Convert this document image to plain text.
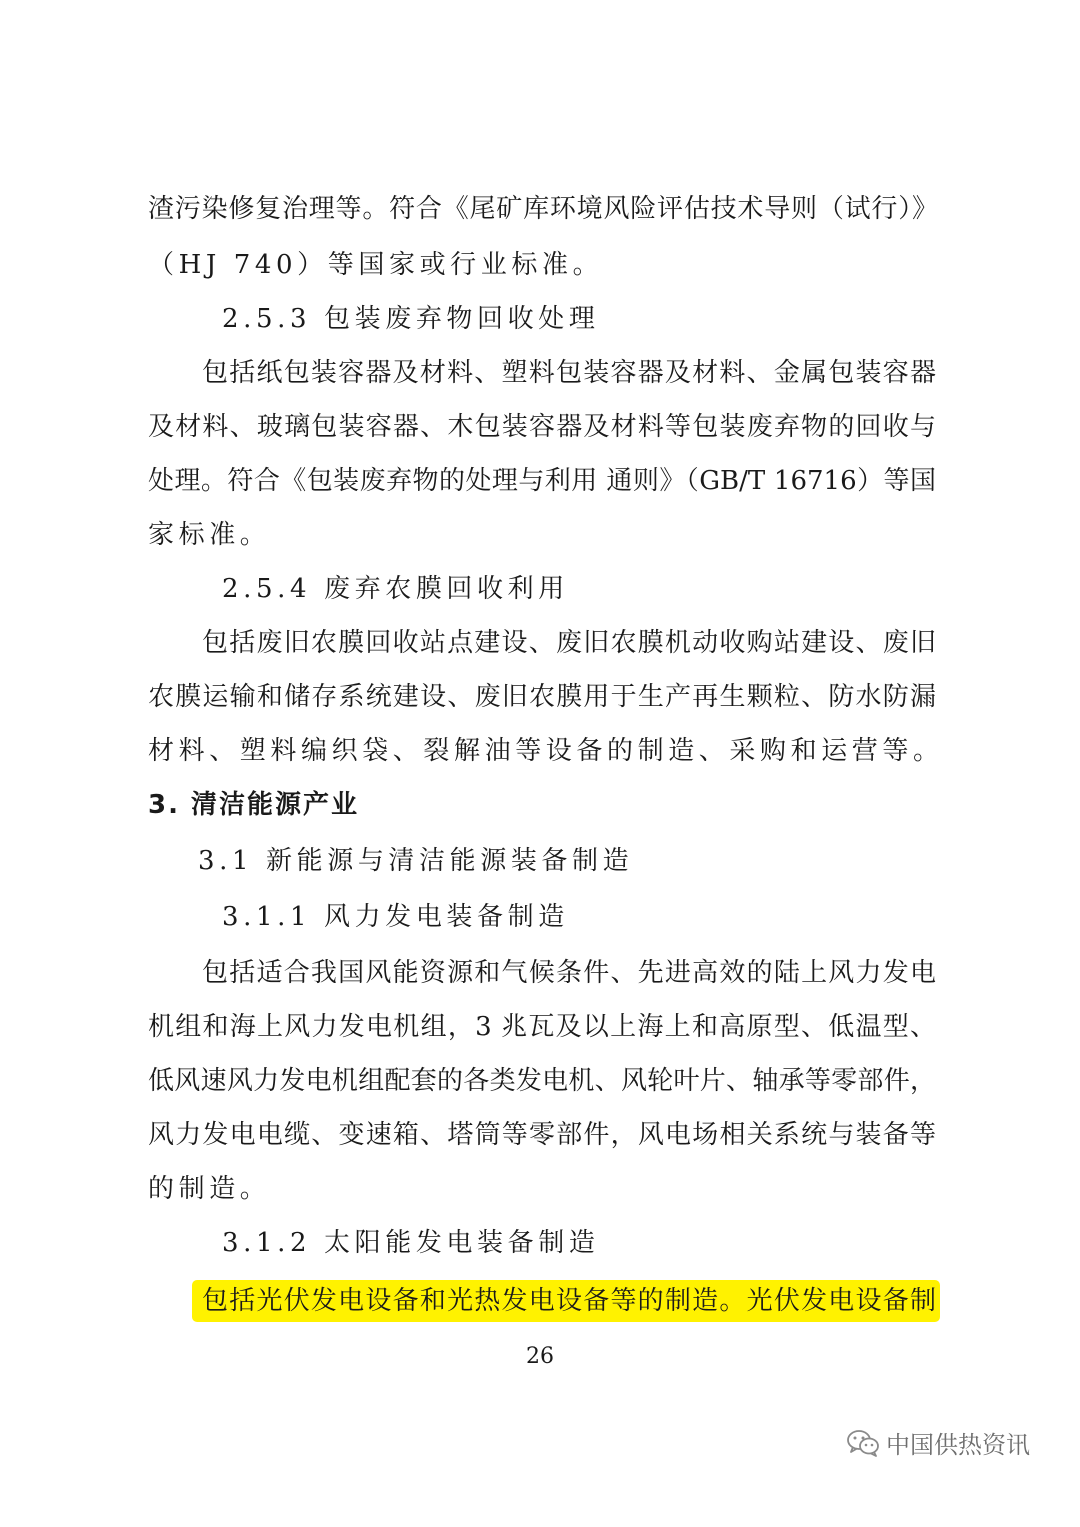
渣污染修复治理等。符合《尾矿库环境风险评估技术导则（试行）》
（HJ 740）等国家或行业标准。
2.5.3 包装废弃物回收处理
包括纸包装容器及材料、塑料包装容器及材料、金属包装容器
及材料、玻璃包装容器、木包装容器及材料等包装废弃物的回收与
处理。符合《包装废弃物的处理与利用 通则》（GB/T 16716）等国
家标准。
2.5.4 废弃农膜回收利用
包括废旧农膜回收站点建设、废旧农膜机动收购站建设、废旧
农膜运输和储存系统建设、废旧农膜用于生产再生颗粒、防水防漏
材料、塑料编织袋、裂解油等设备的制造、采购和运营等。
3. 清洁能源产业
3.1 新能源与清洁能源装备制造
3.1.1 风力发电装备制造
包括适合我国风能资源和气候条件、先进高效的陆上风力发电
机组和海上风力发电机组，3 兆瓦及以上海上和高原型、低温型、
低风速风力发电机组配套的各类发电机、风轮叶片、轴承等零部件，
风力发电电缆、变速箱、塔筒等零部件，风电场相关系统与装备等
的制造。
3.1.2 太阳能发电装备制造
包括光伏发电设备和光热发电设备等的制造。光伏发电设备制
26
中国供热资讯
